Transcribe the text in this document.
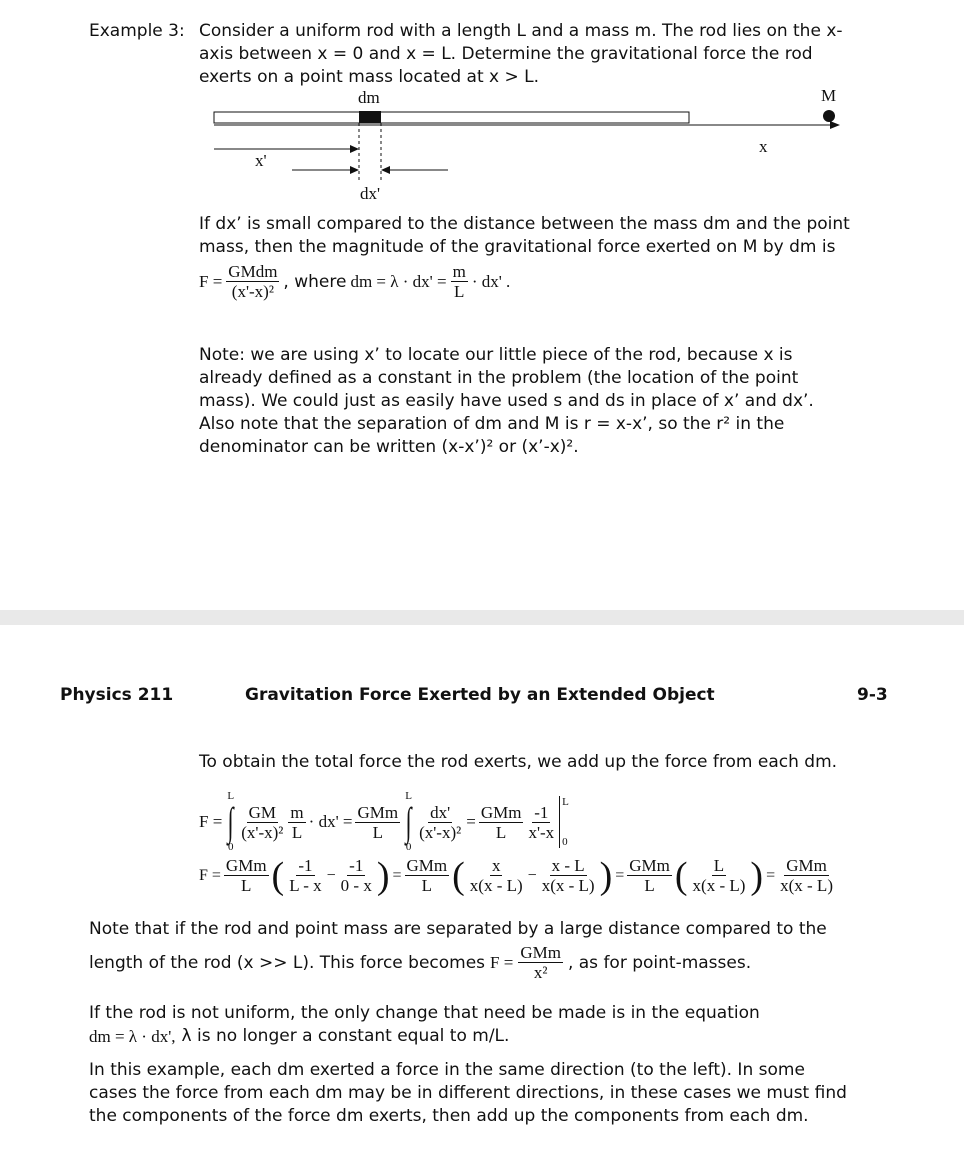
Example 3: Consider a uniform rod with a length L and a mass m. The rod lies on the x-
axis between x = 0 and x = L. Determine the gravitational force the rod
exerts on a point mass located at x > L.
dm	M
x
x'
dx'
If dx’ is small compared to the distance between the mass dm and the point
mass, then the magnitude of the gravitational force exerted on M by dm is
$F = \frac{\text{GMdm}}{\text{(x'-x)²}}$ , where dm = $\lambda \cdot dx' = \frac{m}{L} \cdot dx'$ .
Note: we are using x’ to locate our little piece of the rod, because x is
already defined as a constant in the problem (the location of the point
mass). We could just as easily have used s and ds in place of x’ and dx’.
Also note that the separation of dm and M is r = x-x’, so the r² in the
denominator can be written (x-x’)² or (x’-x)².
Physics 211	Gravitation Force Exerted by an Extended Object	9-3
To obtain the total force the rod exerts, we add up the force from each dm.
F =
L
∫
0
$\frac{GM}{\text{(x'-x)²}} \frac{m}{L} \cdot dx' = \frac{\text{GMm}}{L}$
L
∫
0
$\frac{dx'}{\text{(x'-x)²}} = \frac{\text{GMm}}{L} \frac{-1}{x'-x}$
L
0
$F = \frac{\text{GMm}}{L}$ ( $\frac{-1}{L - x} - \frac{-1}{0 - x}$ ) = $\frac{\text{GMm}}{L}$ ( $\frac{x}{x(x - L)} - \frac{x - L}{x(x - L)}$ ) = $\frac{\text{GMm}}{L}$ ( $\frac{L}{x(x - L)}$ ) = $\frac{\text{GMm}}{x(x - L)}$
Note that if the rod and point mass are separated by a large distance compared to the
length of the rod (x >> L). This force becomes $F = \frac{\text{GMm}}{\text{x²}}$ , as for point-masses.
If the rod is not uniform, the only change that need be made is in the equation
dm = λ · dx', λ is no longer a constant equal to m/L.
In this example, each dm exerted a force in the same direction (to the left). In some
cases the force from each dm may be in different directions, in these cases we must find
the components of the force dm exerts, then add up the components from each dm.
